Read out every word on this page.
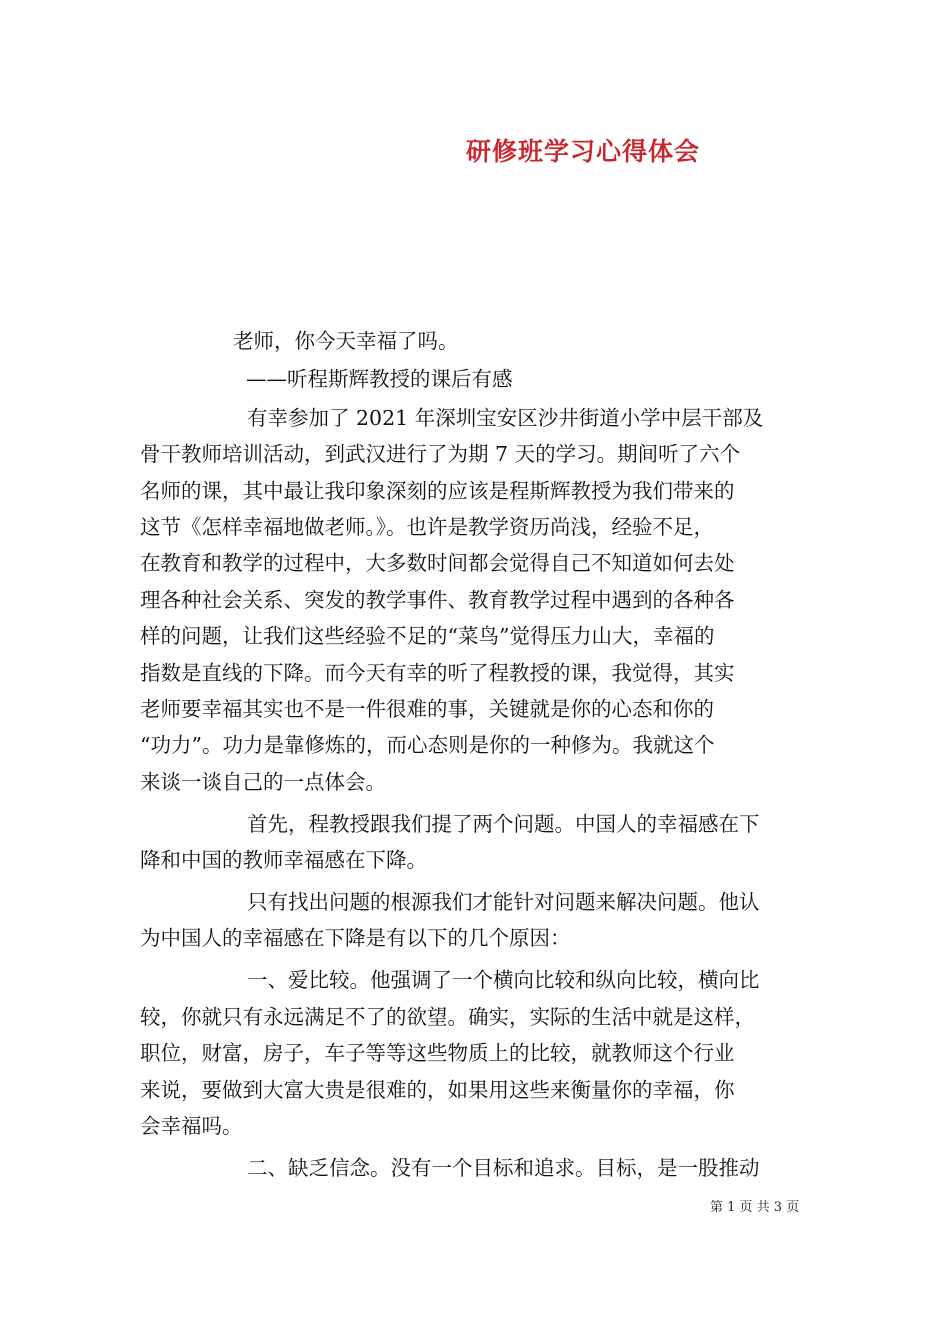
研修班学习心得体会
老师，你今天幸福了吗。
——听程斯辉教授的课后有感
有幸参加了 2021 年深圳宝安区沙井街道小学中层干部及
骨干教师培训活动，到武汉进行了为期 7 天的学习。期间听了六个
名师的课，其中最让我印象深刻的应该是程斯辉教授为我们带来的
这节《怎样幸福地做老师。》。也许是教学资历尚浅，经验不足，
在教育和教学的过程中，大多数时间都会觉得自己不知道如何去处
理各种社会关系、突发的教学事件、教育教学过程中遇到的各种各
样的问题，让我们这些经验不足的“菜鸟”觉得压力山大，幸福的
指数是直线的下降。而今天有幸的听了程教授的课，我觉得，其实
老师要幸福其实也不是一件很难的事，关键就是你的心态和你的
“功力”。功力是靠修炼的，而心态则是你的一种修为。我就这个
来谈一谈自己的一点体会。
首先，程教授跟我们提了两个问题。中国人的幸福感在下
降和中国的教师幸福感在下降。
只有找出问题的根源我们才能针对问题来解决问题。他认
为中国人的幸福感在下降是有以下的几个原因：
一、爱比较。他强调了一个横向比较和纵向比较，横向比
较，你就只有永远满足不了的欲望。确实，实际的生活中就是这样，
职位，财富，房子，车子等等这些物质上的比较，就教师这个行业
来说，要做到大富大贵是很难的，如果用这些来衡量你的幸福，你
会幸福吗。
二、缺乏信念。没有一个目标和追求。目标，是一股推动
第 1 页 共 3 页
